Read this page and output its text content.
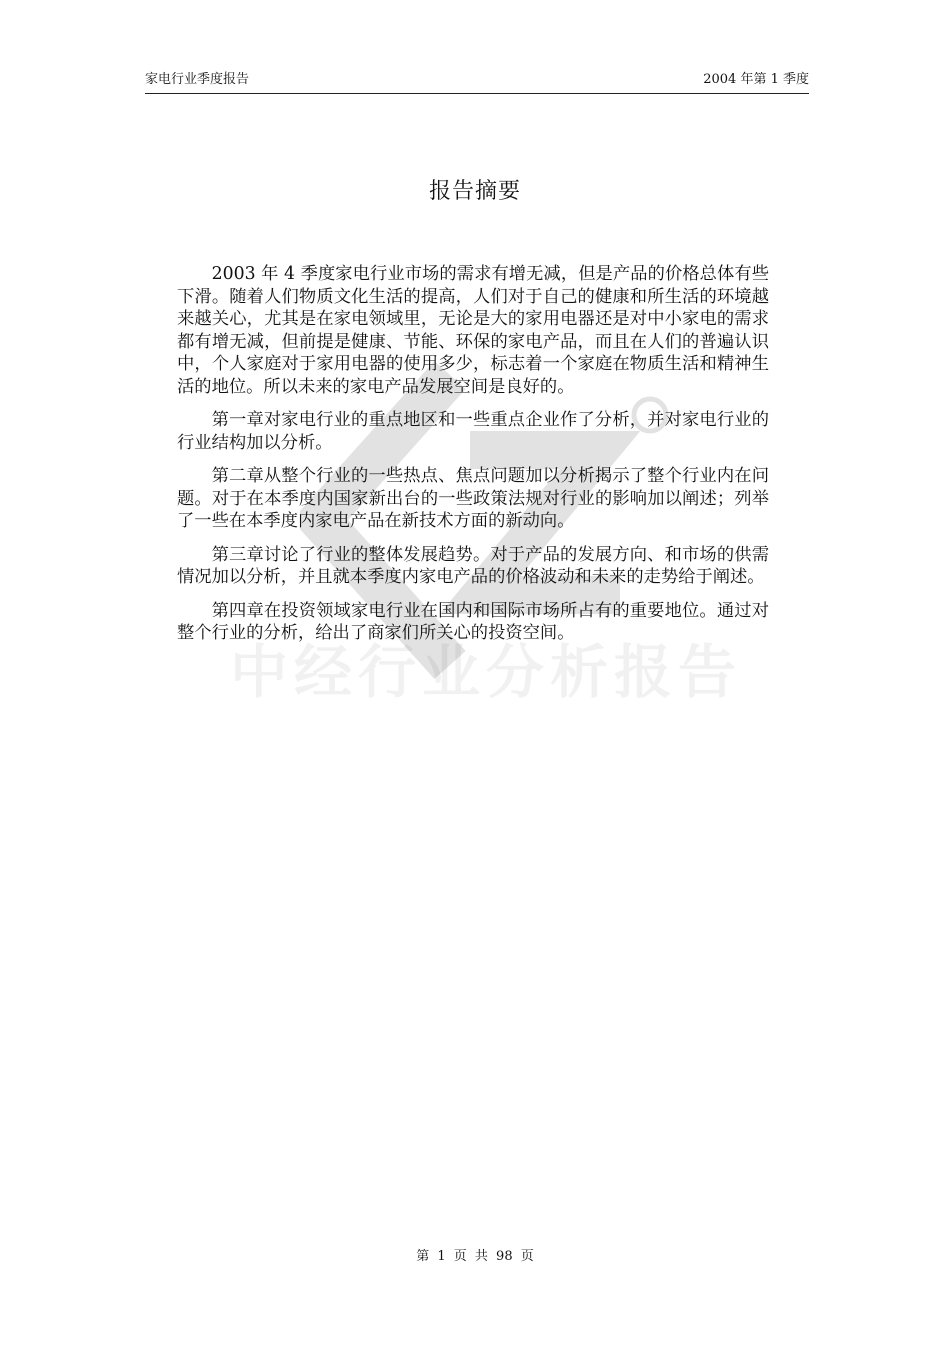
家电行业季度报告	2004 年第 1 季度
中经行业分析报告
报告摘要

2003 年 4 季度家电行业市场的需求有增无减，但是产品的价格总体有些下滑。随着人们物质文化生活的提高，人们对于自己的健康和所生活的环境越来越关心，尤其是在家电领域里，无论是大的家用电器还是对中小家电的需求都有增无减，但前提是健康、节能、环保的家电产品，而且在人们的普遍认识中，个人家庭对于家用电器的使用多少，标志着一个家庭在物质生活和精神生活的地位。所以未来的家电产品发展空间是良好的。

第一章对家电行业的重点地区和一些重点企业作了分析，并对家电行业的行业结构加以分析。

第二章从整个行业的一些热点、焦点问题加以分析揭示了整个行业内在问题。对于在本季度内国家新出台的一些政策法规对行业的影响加以阐述；列举了一些在本季度内家电产品在新技术方面的新动向。

第三章讨论了行业的整体发展趋势。对于产品的发展方向、和市场的供需情况加以分析，并且就本季度内家电产品的价格波动和未来的走势给于阐述。

第四章在投资领域家电行业在国内和国际市场所占有的重要地位。通过对整个行业的分析，给出了商家们所关心的投资空间。

第 1 页 共 98 页
